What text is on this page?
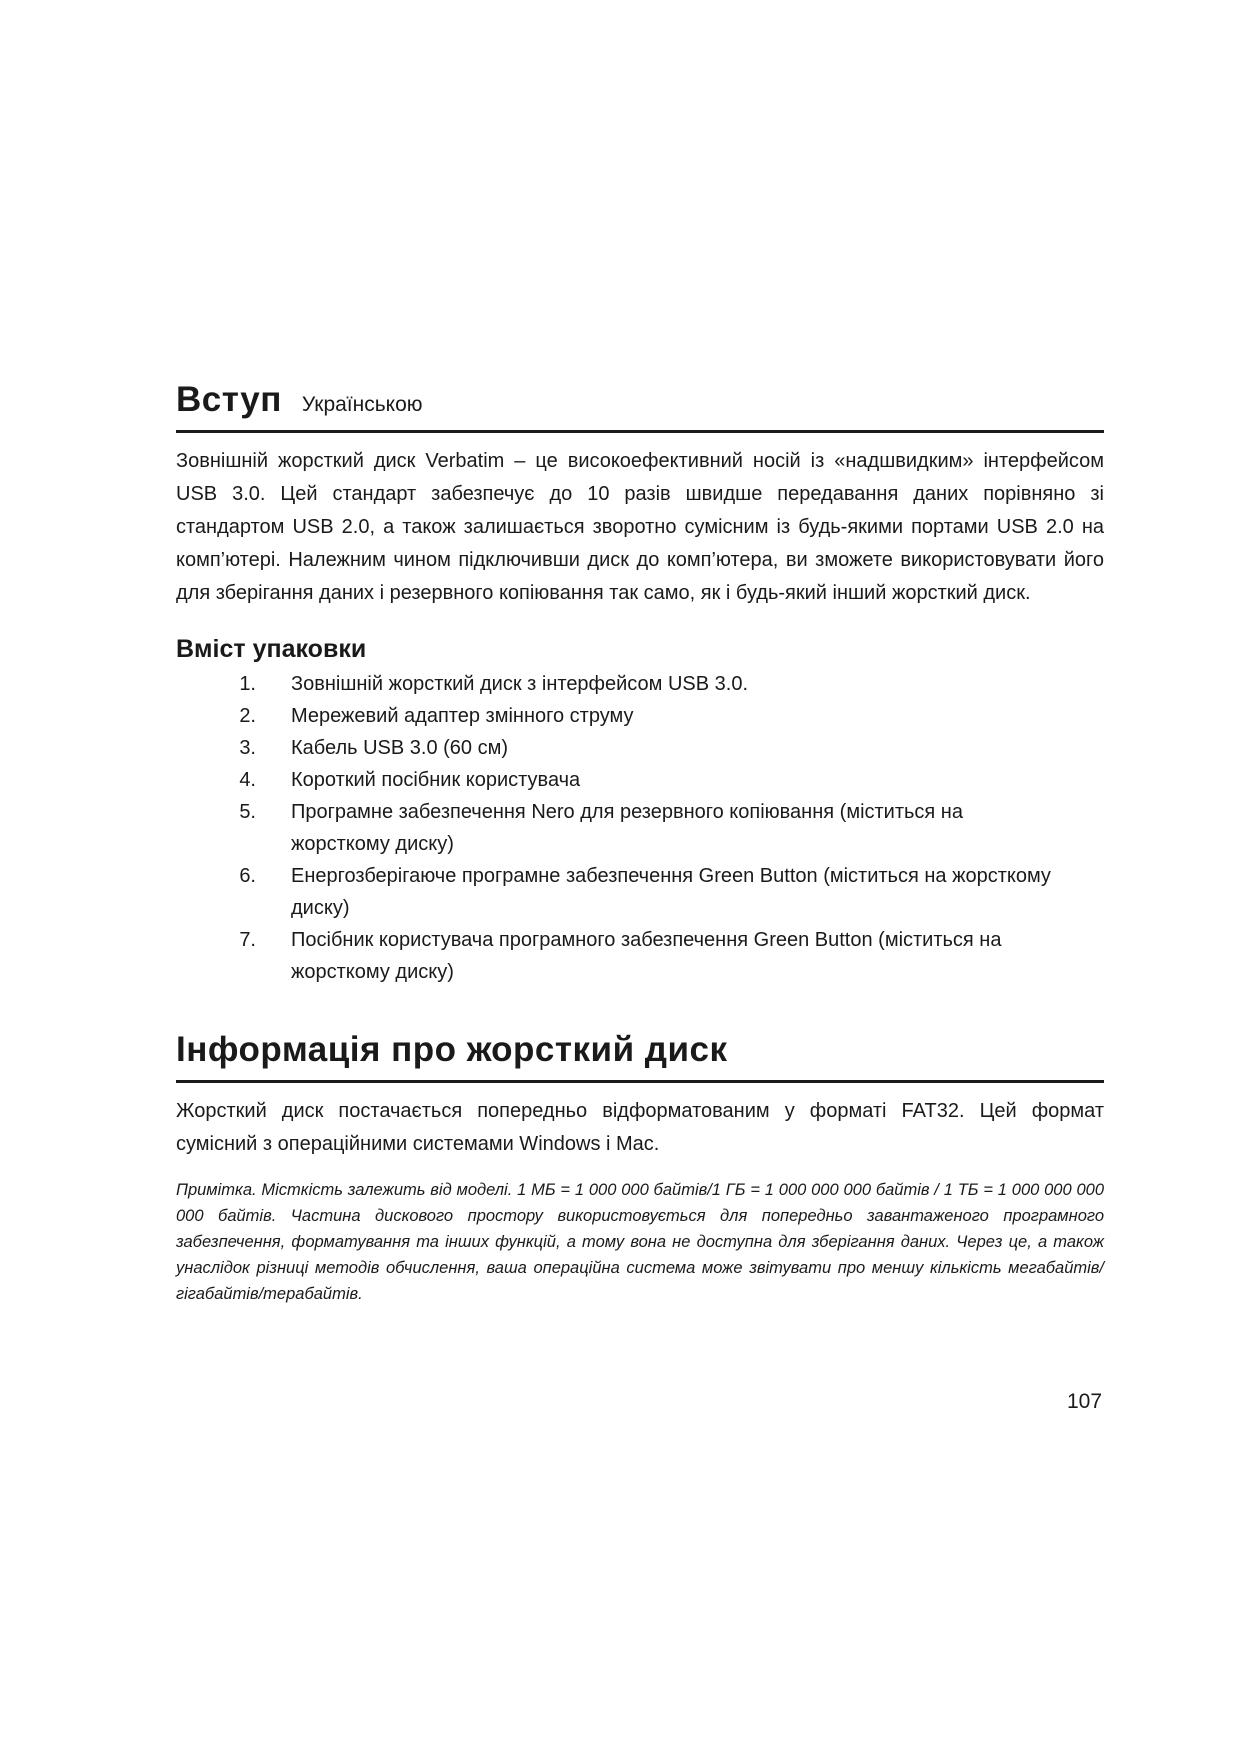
Вступ Українською

Зовнішній жорсткий диск Verbatim – це високоефективний носій із «надшвидким» інтерфейсом USB 3.0. Цей стандарт забезпечує до 10 разів швидше передавання даних порівняно зі стандартом USB 2.0, а також залишається зворотно сумісним із будь-якими портами USB 2.0 на комп’ютері. Належним чином підключивши диск до комп’ютера, ви зможете використовувати його для зберігання даних і резервного копіювання так само, як і будь-який інший жорсткий диск.

Вміст упаковки
1.	Зовнішній жорсткий диск з інтерфейсом USB 3.0.
2.	Мережевий адаптер змінного струму
3.	Кабель USB 3.0 (60 см)
4.	Короткий посібник користувача
5.	Програмне забезпечення Nero для резервного копіювання (міститься на жорсткому диску)
6.	Енергозберігаюче програмне забезпечення Green Button (міститься на жорсткому диску)
7.	Посібник користувача програмного забезпечення Green Button (міститься на жорсткому диску)
Інформація про жорсткий диск

Жорсткий диск постачається попередньо відформатованим у форматі FAT32. Цей формат сумісний з операційними системами Windows і Mac.

Примітка. Місткість залежить від моделі. 1 МБ = 1 000 000 байтів/1 ГБ = 1 000 000 000 байтів / 1 ТБ = 1 000 000 000 000 байтів. Частина дискового простору використовується для попередньо завантаженого програмного забезпечення, форматування та інших функцій, а тому вона не доступна для зберігання даних. Через це, а також унаслідок різниці методів обчислення, ваша операційна система може звітувати про меншу кількість мегабайтів/гігабайтів/терабайтів.

107
